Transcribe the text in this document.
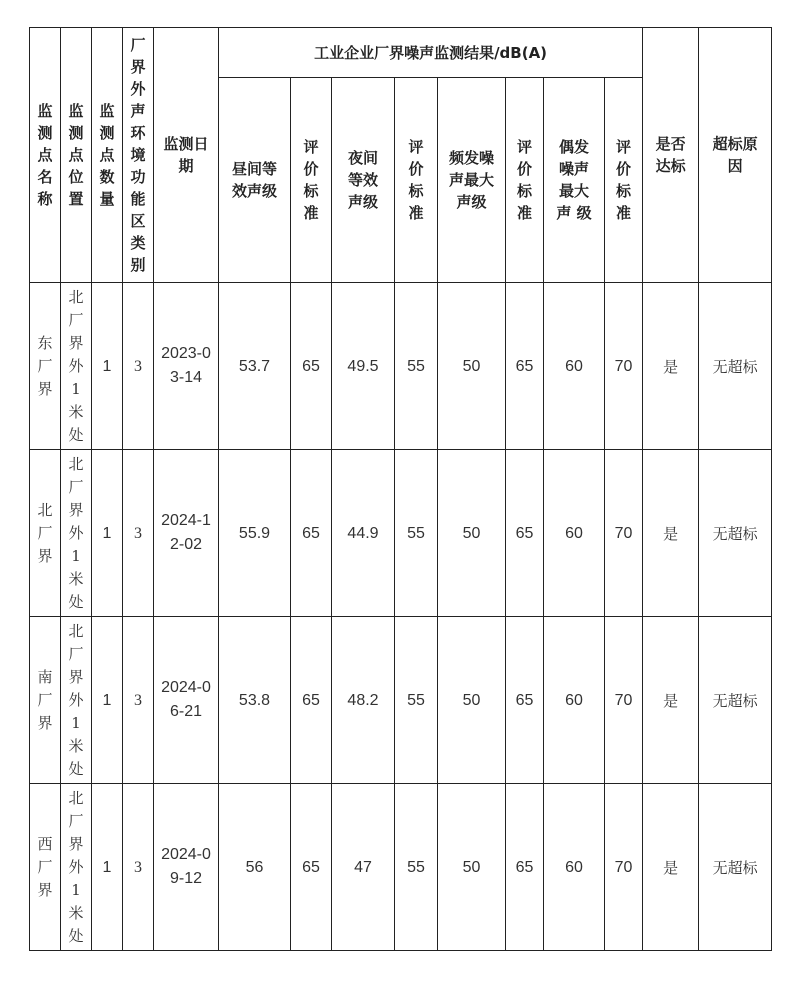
监测点名称	监测点位置	监测点数量	厂界外声环境功能区类别	监测日期	工业企业厂界噪声监测结果/dB(A)								是否达标	超标原因
					昼间等效声级	评价标准	夜间等效声级	评价标准	频发噪声最大声级	评价标准	偶发噪声最大声 级	评价标准		
东厂界	北厂界外1米处	1	3	2023-03-14	53.7	65	49.5	55	50	65	60	70	是	无超标
北厂界	北厂界外1米处	1	3	2024-12-02	55.9	65	44.9	55	50	65	60	70	是	无超标
南厂界	北厂界外1米处	1	3	2024-06-21	53.8	65	48.2	55	50	65	60	70	是	无超标
西厂界	北厂界外1米处	1	3	2024-09-12	56	65	47	55	50	65	60	70	是	无超标
